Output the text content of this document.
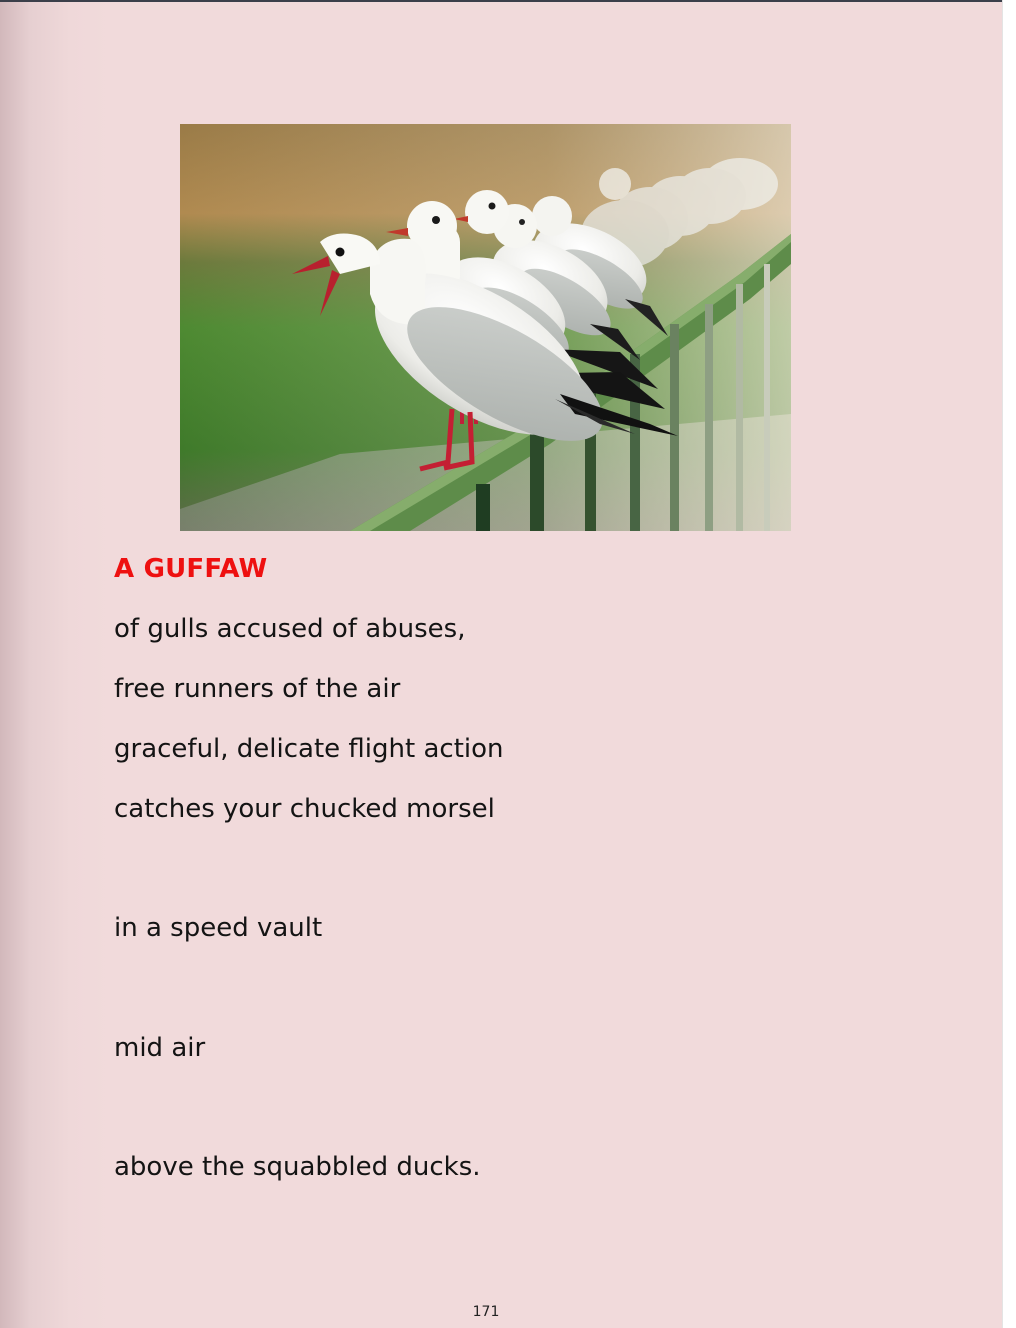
A GUFFAW

of gulls accused of abuses,

free runners of the air

graceful, delicate flight action

catches your chucked morsel

in a speed vault

mid air

above the squabbled ducks.

171
